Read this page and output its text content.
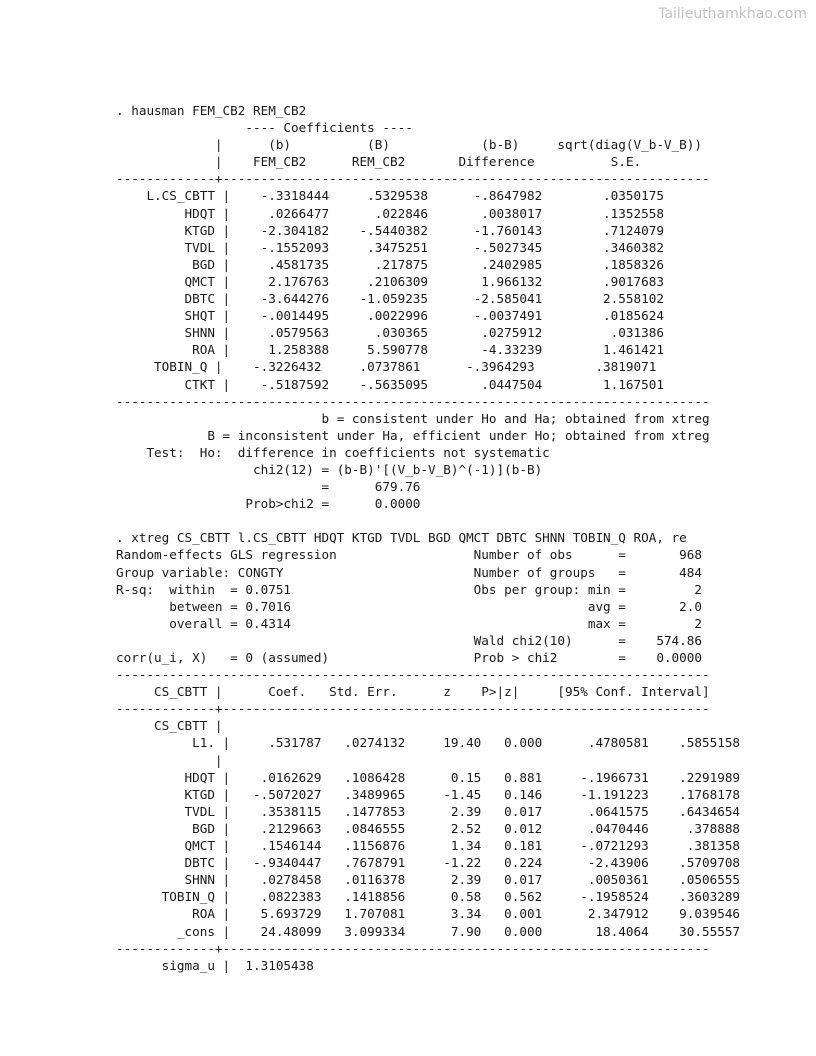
Tailieuthamkhao.com
. hausman FEM_CB2 REM_CB2
---- Coefficients ----
|      (b)          (B)            (b-B)     sqrt(diag(V_b-V_B))
|    FEM_CB2      REM_CB2       Difference          S.E.
-------------+----------------------------------------------------------------
L.CS_CBTT |    -.3318444     .5329538      -.8647982        .0350175
HDQT |     .0266477      .022846       .0038017        .1352558
KTGD |    -2.304182    -.5440382      -1.760143        .7124079
TVDL |    -.1552093     .3475251      -.5027345        .3460382
BGD |     .4581735      .217875       .2402985        .1858326
QMCT |     2.176763     .2106309       1.966132        .9017683
DBTC |    -3.644276    -1.059235      -2.585041        2.558102
SHQT |    -.0014495     .0022996      -.0037491        .0185624
SHNN |     .0579563      .030365       .0275912         .031386
ROA |     1.258388     5.590778       -4.33239        1.461421
TOBIN_Q |    -.3226432     .0737861      -.3964293        .3819071
CTKT |    -.5187592    -.5635095       .0447504        1.167501
------------------------------------------------------------------------------
b = consistent under Ho and Ha; obtained from xtreg
B = inconsistent under Ha, efficient under Ho; obtained from xtreg
Test:  Ho:  difference in coefficients not systematic
chi2(12) = (b-B)'[(V_b-V_B)^(-1)](b-B)
=      679.76
Prob>chi2 =      0.0000

. xtreg CS_CBTT l.CS_CBTT HDQT KTGD TVDL BGD QMCT DBTC SHNN TOBIN_Q ROA, re
Random-effects GLS regression                  Number of obs      =       968
Group variable: CONGTY                         Number of groups   =       484
R-sq:  within  = 0.0751                        Obs per group: min =         2
between = 0.7016                                       avg =       2.0
overall = 0.4314                                       max =         2
Wald chi2(10)      =    574.86
corr(u_i, X)   = 0 (assumed)                   Prob > chi2        =    0.0000
------------------------------------------------------------------------------
CS_CBTT |      Coef.   Std. Err.      z    P>|z|     [95% Conf. Interval]
-------------+----------------------------------------------------------------
CS_CBTT |
L1. |     .531787   .0274132     19.40   0.000      .4780581    .5855158
|
HDQT |    .0162629   .1086428      0.15   0.881     -.1966731    .2291989
KTGD |   -.5072027   .3489965     -1.45   0.146     -1.191223    .1768178
TVDL |    .3538115   .1477853      2.39   0.017      .0641575    .6434654
BGD |    .2129663   .0846555      2.52   0.012      .0470446     .378888
QMCT |    .1546144   .1156876      1.34   0.181     -.0721293     .381358
DBTC |   -.9340447   .7678791     -1.22   0.224      -2.43906    .5709708
SHNN |    .0278458   .0116378      2.39   0.017      .0050361    .0506555
TOBIN_Q |    .0822383   .1418856      0.58   0.562     -.1958524    .3603289
ROA |    5.693729   1.707081      3.34   0.001      2.347912    9.039546
_cons |    24.48099   3.099334      7.90   0.000       18.4064    30.55557
-------------+----------------------------------------------------------------
sigma_u |  1.3105438
